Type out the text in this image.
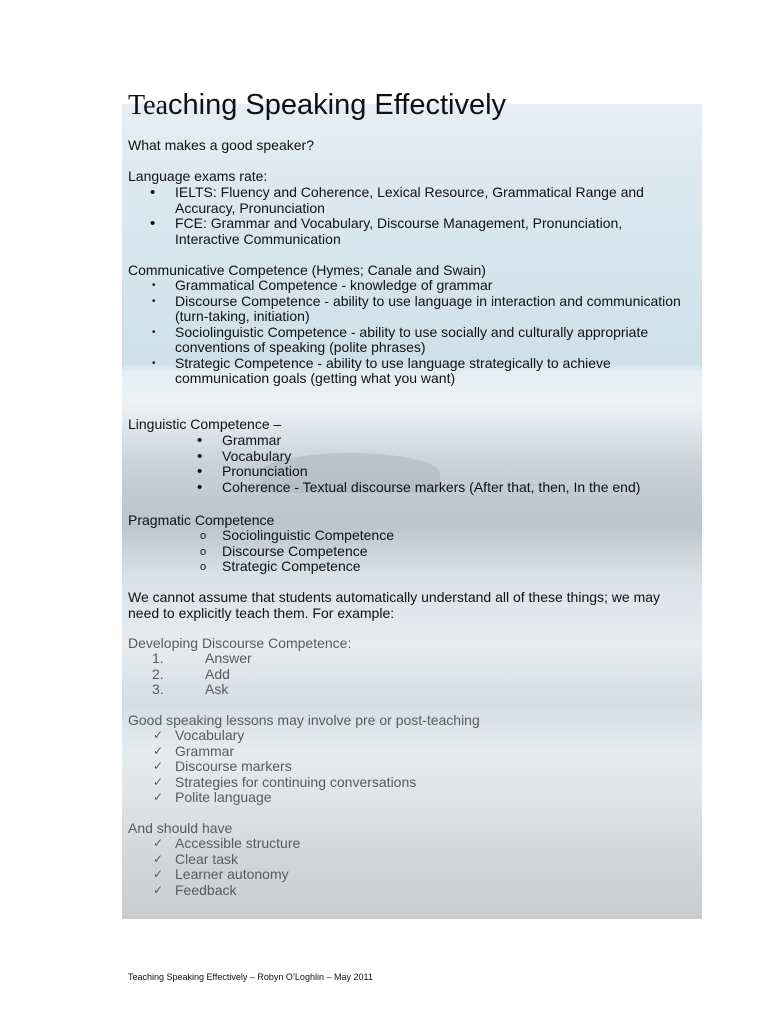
Teaching Speaking Effectively

What makes a good speaker?

Language exams rate:

• IELTS: Fluency and Coherence, Lexical Resource, Grammatical Range and
Accuracy, Pronunciation
• FCE: Grammar and Vocabulary, Discourse Management, Pronunciation,
Interactive Communication

Communicative Competence (Hymes; Canale and Swain)

• Grammatical Competence - knowledge of grammar
• Discourse Competence - ability to use language in interaction and communication
(turn-taking, initiation)
• Sociolinguistic Competence - ability to use socially and culturally appropriate
conventions of speaking (polite phrases)
• Strategic Competence - ability to use language strategically to achieve
communication goals (getting what you want)

Linguistic Competence –

• Grammar
• Vocabulary
• Pronunciation
• Coherence - Textual discourse markers (After that, then, In the end)

Pragmatic Competence

o Sociolinguistic Competence
o Discourse Competence
o Strategic Competence

We cannot assume that students automatically understand all of these things; we may
need to explicitly teach them. For example:

Developing Discourse Competence:

1.	Answer
2.	Add
3.	Ask

Good speaking lessons may involve pre or post-teaching

✓ Vocabulary
✓ Grammar
✓ Discourse markers
✓ Strategies for continuing conversations
✓ Polite language

And should have

✓ Accessible structure
✓ Clear task
✓ Learner autonomy
✓ Feedback
Teaching Speaking Effectively – Robyn O’Loghlin – May 2011
